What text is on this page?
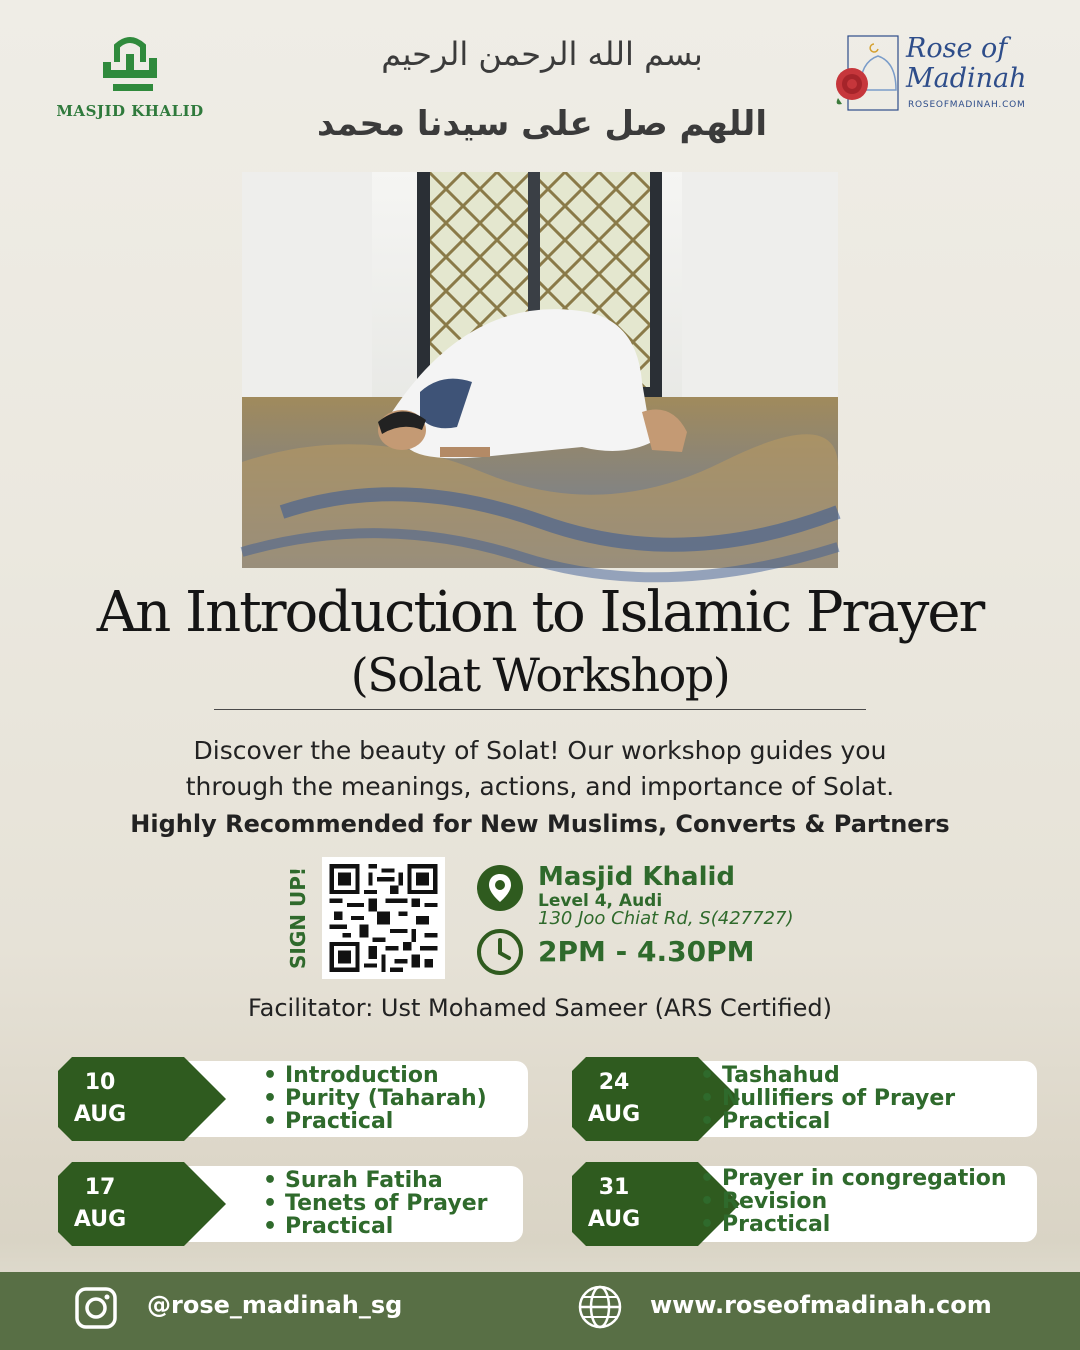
MASJID KHALID
بسم الله الرحمن الرحيم
اللهم صل على سيدنا محمد
Rose of Madinah
ROSEOFMADINAH.COM
An Introduction to Islamic Prayer
(Solat Workshop)
Discover the beauty of Solat! Our workshop guides you
through the meanings, actions, and importance of Solat.
Highly Recommended for New Muslims, Converts & Partners
SIGN UP!	Masjid Khalid
Level 4, Audi
130 Joo Chiat Rd, S(427727)
2PM - 4.30PM
Facilitator: Ust Mohamed Sameer (ARS Certified)
10
AUG
• Introduction
• Purity (Taharah)
• Practical
24
AUG
• Tashahud
• Nullifiers of Prayer
• Practical
17
AUG
• Surah Fatiha
• Tenets of Prayer
• Practical
31
AUG
• Prayer in congregation
• Revision
• Practical
@rose_madinah_sg	www.roseofmadinah.com
